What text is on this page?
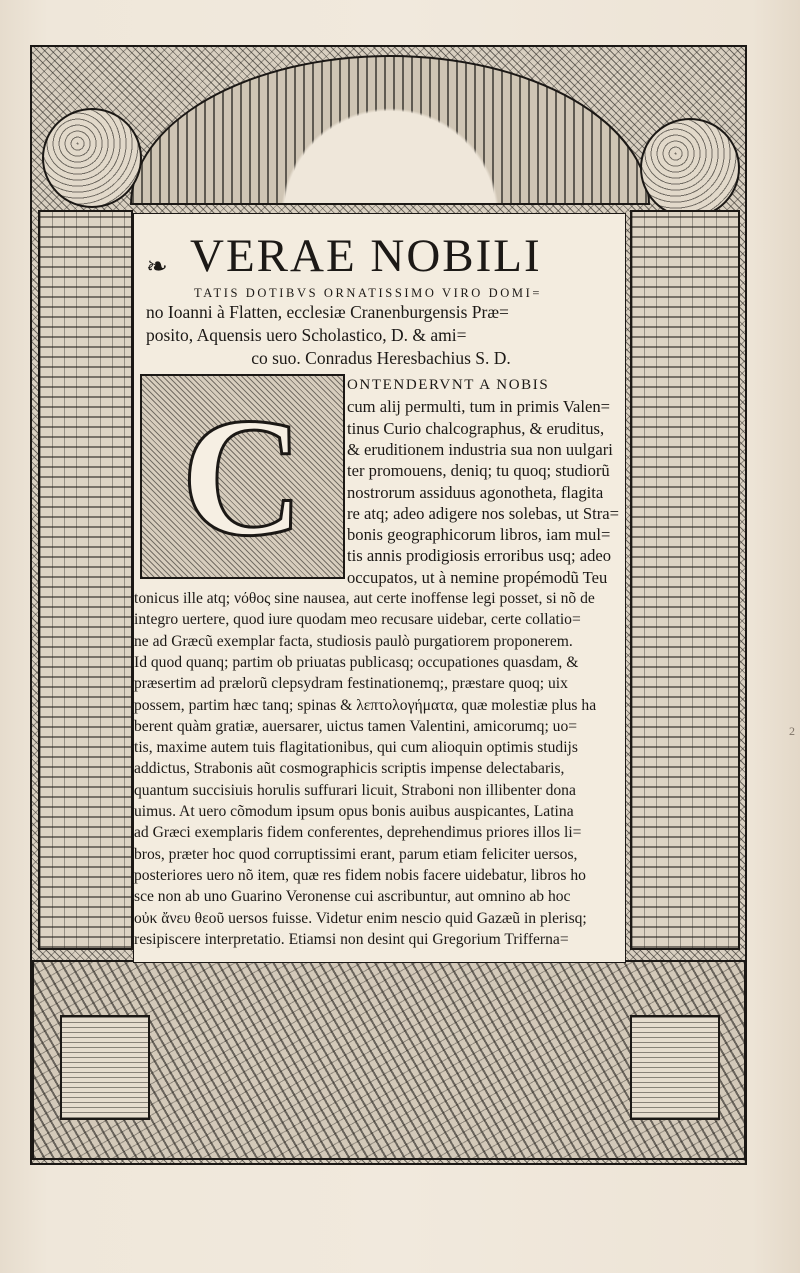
2
❧ VERAE NOBILI
TATIS DOTIBVS ORNATISSIMO VIRO DOMI=
no Ioanni à Flatten, ecclesiæ Cranenburgensis Præ=
posito, Aquensis uero Scholastico, D. & ami=
co suo. Conradus Heresbachius S. D.
C	ONTENDERVNT A NOBIS
cum alij permulti, tum in primis Valen=
tinus Curio chalcographus, & eruditus,
& eruditionem industria sua non uulgari
ter promouens, deniq; tu quoq; studiorũ
nostrorum assiduus agonotheta, flagita
re atq; adeo adigere nos solebas, ut Stra=
bonis geographicorum libros, iam mul=
tis annis prodigiosis erroribus usq; adeo
occupatos, ut à nemine propémodũ Teu
tonicus ille atq; νόθος sine nausea, aut certe inoffense legi posset, si nõ de
integro uertere, quod iure quodam meo recusare uidebar, certe collatio=
ne ad Græcũ exemplar facta, studiosis paulò purgatiorem proponerem.
Id quod quanq; partim ob priuatas publicasq; occupationes quasdam, &
præsertim ad prælorũ clepsydram festinationemq;, præstare quoq; uix
possem, partim hæc tanq; spinas & λεπτολογήματα, quæ molestiæ plus ha
berent quàm gratiæ, auersarer, uictus tamen Valentini, amicorumq; uo=
tis, maxime autem tuis flagitationibus, qui cum alioquin optimis studijs
addictus, Strabonis aũt cosmographicis scriptis impense delectabaris,
quantum succisiuis horulis suffurari licuit, Straboni non illibenter dona
uimus. At uero cõmodum ipsum opus bonis auibus auspicantes, Latina
ad Græci exemplaris fidem conferentes, deprehendimus priores illos li=
bros, præter hoc quod corruptissimi erant, parum etiam feliciter uersos,
posteriores uero nõ item, quæ res fidem nobis facere uidebatur, libros ho
sce non ab uno Guarino Veronense cui ascribuntur, aut omnino ab hoc
οὐκ ἄνευ θεοῦ uersos fuisse. Videtur enim nescio quid Gazæũ in plerisq;
resipiscere interpretatio. Etiamsi non desint qui Gregorium Trifferna=
